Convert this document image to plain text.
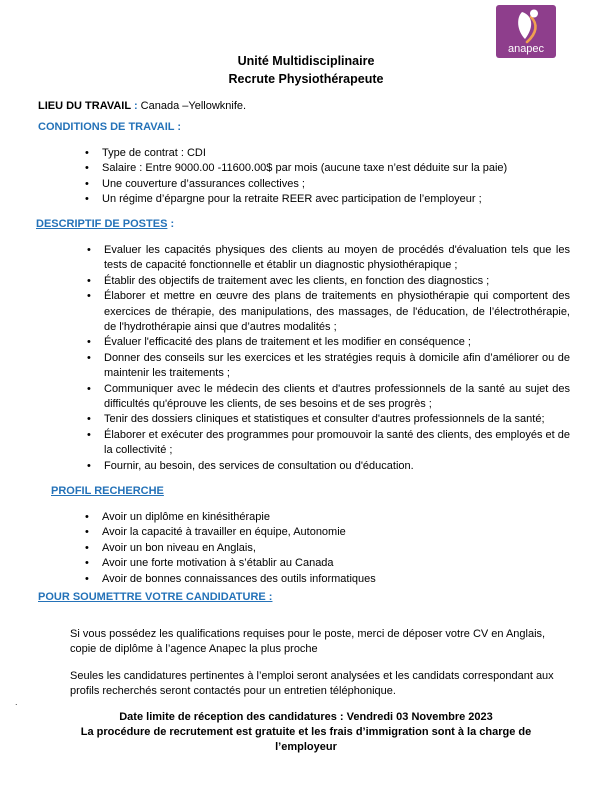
anapec
Unité Multidisciplinaire
Recrute Physiothérapeute
LIEU DU TRAVAIL : Canada –Yellowknife.
CONDITIONS DE TRAVAIL :
• Type de contrat : CDI
• Salaire : Entre 9000.00 -11600.00$ par mois (aucune taxe n’est déduite sur la paie)
• Une couverture d’assurances collectives ;
• Un régime d’épargne pour la retraite REER avec participation de l’employeur ;
DESCRIPTIF DE POSTES :
• Evaluer les capacités physiques des clients au moyen de procédés d'évaluation tels que les tests de capacité fonctionnelle et établir un diagnostic physiothérapique ;
• Établir des objectifs de traitement avec les clients, en fonction des diagnostics ;
• Élaborer et mettre en œuvre des plans de traitements en physiothérapie qui comportent des exercices de thérapie, des manipulations, des massages, de l'éducation, de l’électrothérapie, de l'hydrothérapie ainsi que d’autres modalités ;
• Évaluer l'efficacité des plans de traitement et les modifier en conséquence ;
• Donner des conseils sur les exercices et les stratégies requis à domicile afin d’améliorer ou de maintenir les traitements ;
• Communiquer avec le médecin des clients et d'autres professionnels de la santé au sujet des difficultés qu'éprouve les clients, de ses besoins et de ses progrès ;
• Tenir des dossiers cliniques et statistiques et consulter d'autres professionnels de la santé;
• Élaborer et exécuter des programmes pour promouvoir la santé des clients, des employés et de la collectivité ;
• Fournir, au besoin, des services de consultation ou d'éducation.
PROFIL RECHERCHE
• Avoir un diplôme en kinésithérapie
• Avoir la capacité à travailler en équipe, Autonomie
• Avoir un bon niveau en Anglais,
• Avoir une forte motivation à s’établir au Canada
• Avoir de bonnes connaissances des outils informatiques
POUR SOUMETTRE VOTRE CANDIDATURE :

Si vous possédez les qualifications requises pour le poste, merci de déposer votre CV en Anglais, copie de diplôme à l’agence Anapec la plus proche

Seules les candidatures pertinentes à l’emploi seront analysées et les candidats correspondant aux profils recherchés seront contactés pour un entretien téléphonique.

.
Date limite de réception des candidatures : Vendredi 03 Novembre 2023
La procédure de recrutement est gratuite et les frais d’immigration sont à la charge de l’employeur
